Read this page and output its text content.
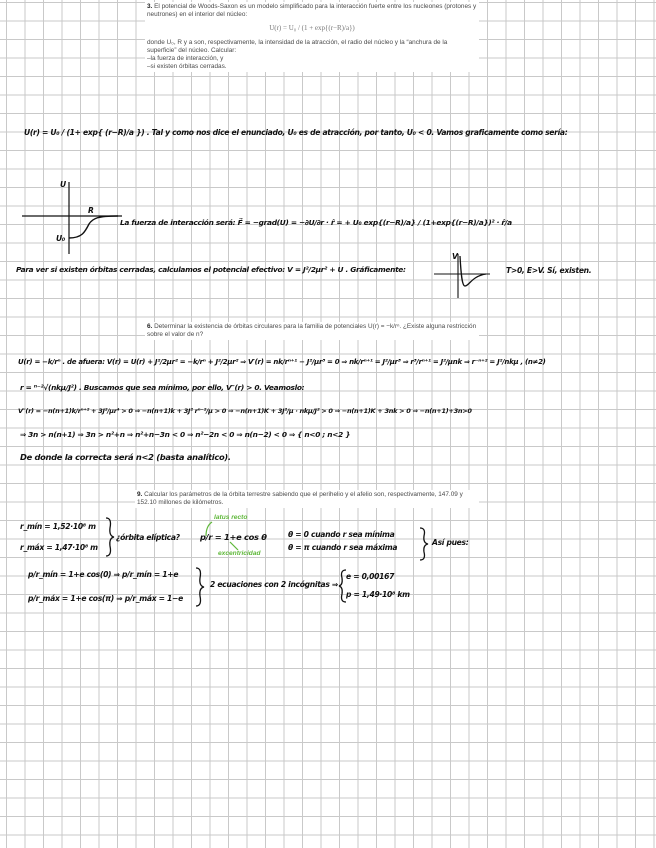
3. El potencial de Woods-Saxon es un modelo simplificado para la interacción fuerte entre los nucleones (protones y neutrones) en el interior del núcleo:
U(r) = U₀ / (1 + exp{(r−R)/a})
donde U₀, R y a son, respectivamente, la intensidad de la atracción, el radio del núcleo y la “anchura de la superficie” del núcleo. Calcular:
–la fuerza de interacción, y
–si existen órbitas cerradas.
U(r) = U₀ / (1+ exp{ (r−R)/a }) . Tal y como nos dice el enunciado, U₀ es de atracción, por tanto, U₀ < 0. Vamos graficamente como sería:
U
R
U₀
La fuerza de interacción será: F⃗ = −grad(U) = −∂U/∂r · r̂ = + U₀ exp{(r−R)/a} / (1+exp{(r−R)/a})² · r̂/a
Para ver si existen órbitas cerradas, calculamos el potencial efectivo: V = J²/2μr² + U . Gráficamente:
V
T>0, E>V. Sí, existen.
6. Determinar la existencia de órbitas circulares para la familia de potenciales U(r) = −k/rⁿ. ¿Existe alguna restricción sobre el valor de n?
U(r) = −k/rⁿ . de afuera: V(r) = U(r) + J²/2μr² = −k/rⁿ + J²/2μr² ⇒ V′(r) = nk/rⁿ⁺¹ − J²/μr³ = 0 ⇒ nk/rⁿ⁺¹ = J²/μr³ ⇒ r³/rⁿ⁺¹ = J²/μnk ⇒ r⁻ⁿ⁺² = J²/nkμ , (n≠2)
r = ⁿ⁻²√(nkμ/J²) . Buscamos que sea mínimo, por ello, V″(r) > 0. Veamoslo:
V″(r) = −n(n+1)k/rⁿ⁺² + 3J²/μr⁴ > 0 ⇒ −n(n+1)k + 3J² rⁿ⁻²/μ > 0 ⇒ −n(n+1)K + 3J²/μ · nkμ/J² > 0 ⇒ −n(n+1)K + 3nk > 0 ⇒ −n(n+1)+3n>0
⇒ 3n > n(n+1) ⇒ 3n > n²+n ⇒ n²+n−3n < 0 ⇒ n²−2n < 0 ⇒ n(n−2) < 0 ⇒ { n<0 ; n<2 }
De donde la correcta será n<2 (basta analítico).
9. Calcular los parámetros de la órbita terrestre sabiendo que el perihelio y el afelio son, respectivamente, 147.09 y 152.10 millones de kilómetros.
r_mín = 1,52·10⁸ m
r_máx = 1,47·10⁸ m
¿órbita elíptica?
latus recto
p/r = 1+e cos θ
excentricidad
θ = 0 cuando r sea mínima
θ = π cuando r sea máxima
Así pues:
p/r_mín = 1+e cos(0) ⇒ p/r_mín = 1+e
p/r_máx = 1+e cos(π) ⇒ p/r_máx = 1−e
2 ecuaciones con 2 incógnitas ⇒
e = 0,00167
p = 1,49·10⁸ km
